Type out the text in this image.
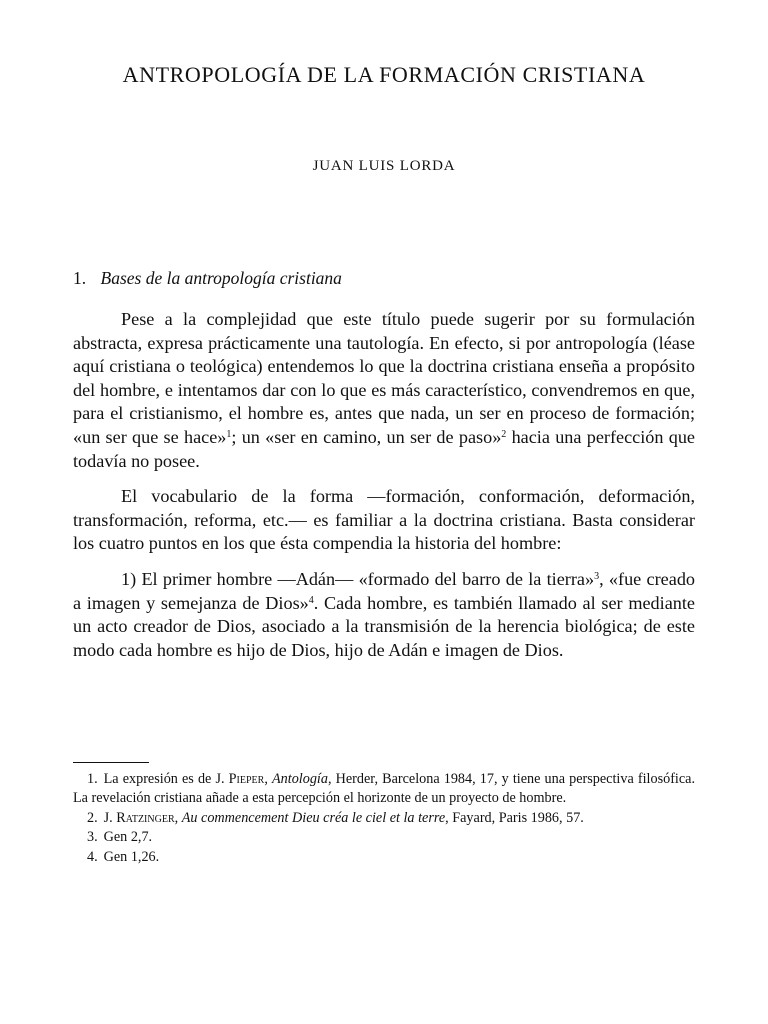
ANTROPOLOGÍA DE LA FORMACIÓN CRISTIANA
JUAN LUIS LORDA
1. Bases de la antropología cristiana

Pese a la complejidad que este título puede sugerir por su formulación abstracta, expresa prácticamente una tautología. En efecto, si por antropología (léase aquí cristiana o teológica) entendemos lo que la doctrina cristiana enseña a propósito del hombre, e intentamos dar con lo que es más característico, convendremos en que, para el cristianismo, el hombre es, antes que nada, un ser en proceso de formación; «un ser que se hace»$^1$; un «ser en camino, un ser de paso»$^2$ hacia una perfección que todavía no posee.

El vocabulario de la forma —formación, conformación, deformación, transformación, reforma, etc.— es familiar a la doctrina cristiana. Basta considerar los cuatro puntos en los que ésta compendia la historia del hombre:

1) El primer hombre —Adán— «formado del barro de la tierra»$^3$, «fue creado a imagen y semejanza de Dios»$^4$. Cada hombre, es también llamado al ser mediante un acto creador de Dios, asociado a la transmisión de la herencia biológica; de este modo cada hombre es hijo de Dios, hijo de Adán e imagen de Dios.

1. La expresión es de J. Pieper, Antología, Herder, Barcelona 1984, 17, y tiene una perspectiva filosófica. La revelación cristiana añade a esta percepción el horizonte de un proyecto de hombre.

2. J. Ratzinger, Au commencement Dieu créa le ciel et la terre, Fayard, Paris 1986, 57.

3. Gen 2,7.

4. Gen 1,26.
